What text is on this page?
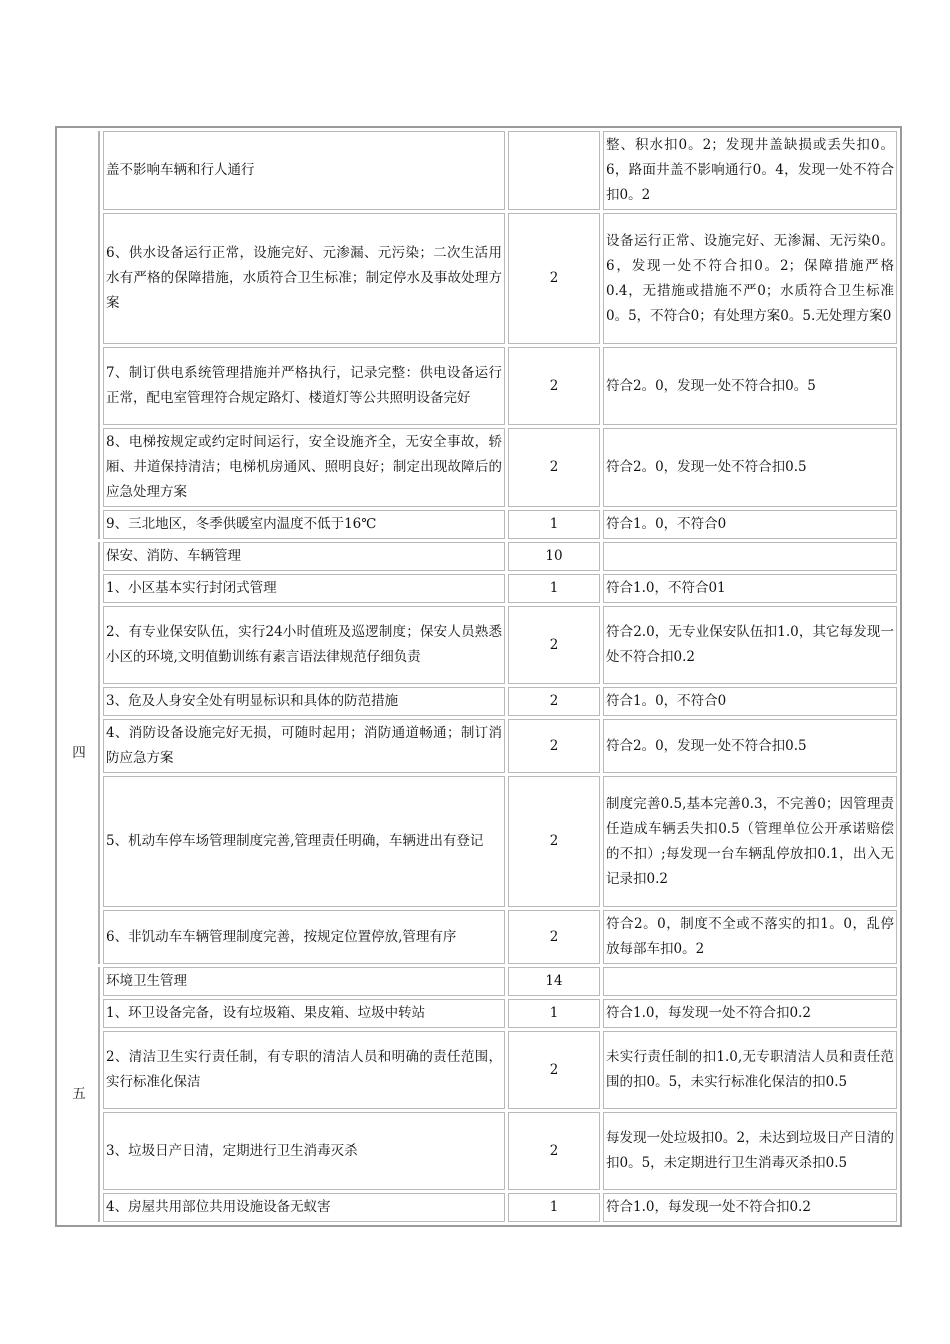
	盖不影响车辆和行人通行		整、积水扣0。2；发现井盖缺损或丢失扣0。6，路面井盖不影响通行0。4，发现一处不符合扣0。2
	6、供水设备运行正常，设施完好、元渗漏、元污染；二次生活用水有严格的保障措施，水质符合卫生标准；制定停水及事故处理方案	2	设备运行正常、设施完好、无渗漏、无污染0。6，发现一处不符合扣0。2；保障措施严格0.4，无措施或措施不严0；水质符合卫生标准0。5，不符合0；有处理方案0。5.无处理方案0
	7、制订供电系统管理措施并严格执行，记录完整：供电设备运行正常，配电室管理符合规定路灯、楼道灯等公共照明设备完好	2	符合2。0，发现一处不符合扣0。5
	8、电梯按规定或约定时间运行，安全设施齐全，无安全事故，轿厢、井道保持清洁；电梯机房通风、照明良好；制定出现故障后的应急处理方案	2	符合2。0，发现一处不符合扣0.5
	9、三北地区，冬季供暖室内温度不低于16℃	1	符合1。0，不符合0
四	保安、消防、车辆管理	10	
	1、小区基本实行封闭式管理	1	符合1.0，不符合01
	2、有专业保安队伍，实行24小时值班及巡逻制度；保安人员熟悉小区的环境,文明值勤训练有素言语法律规范仔细负责	2	符合2.0，无专业保安队伍扣1.0，其它每发现一处不符合扣0.2
	3、危及人身安全处有明显标识和具体的防范措施	2	符合1。0，不符合0
	4、消防设备设施完好无损，可随时起用；消防通道畅通；制订消防应急方案	2	符合2。0，发现一处不符合扣0.5
	5、机动车停车场管理制度完善,管理责任明确，车辆进出有登记	2	制度完善0.5,基本完善0.3，不完善0；因管理责任造成车辆丢失扣0.5（管理单位公开承诺赔偿的不扣）;每发现一台车辆乱停放扣0.1，出入无记录扣0.2
	6、非饥动车车辆管理制度完善，按规定位置停放,管理有序	2	符合2。0，制度不全或不落实的扣1。0，乱停放每部车扣0。2
五	环境卫生管理	14	
	1、环卫设备完备，设有垃圾箱、果皮箱、垃圾中转站	1	符合1.0，每发现一处不符合扣0.2
	2、清洁卫生实行责任制，有专职的清洁人员和明确的责任范围，实行标准化保洁	2	未实行责任制的扣1.0,无专职清洁人员和责任范围的扣0。5，未实行标准化保洁的扣0.5
	3、垃圾日产日清，定期进行卫生消毒灭杀	2	每发现一处垃圾扣0。2，未达到垃圾日产日清的扣0。5，未定期进行卫生消毒灭杀扣0.5
	4、房屋共用部位共用设施设备无蚁害	1	符合1.0，每发现一处不符合扣0.2
